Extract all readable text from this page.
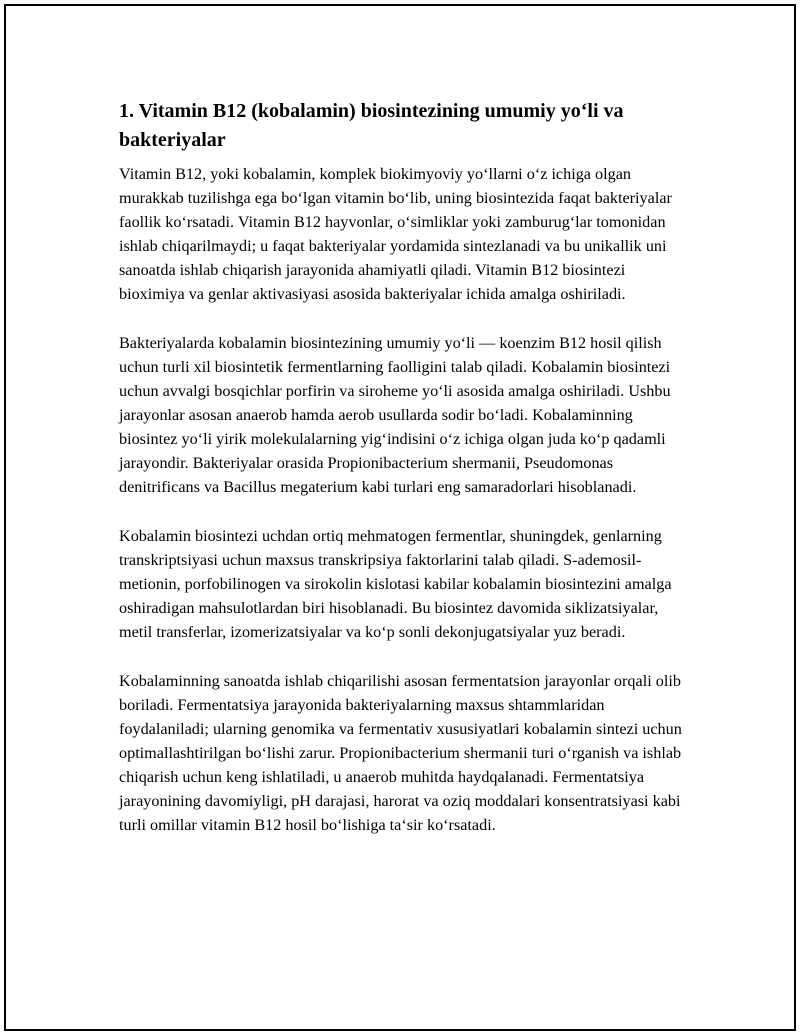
1. Vitamin B12 (kobalamin) biosintezining umumiy yo‘li va bakteriyalar

Vitamin B12, yoki kobalamin, komplek biokimyoviy yo‘llarni o‘z ichiga olgan murakkab tuzilishga ega bo‘lgan vitamin bo‘lib, uning biosintezida faqat bakteriyalar faollik ko‘rsatadi. Vitamin B12 hayvonlar, o‘simliklar yoki zamburug‘lar tomonidan ishlab chiqarilmaydi; u faqat bakteriyalar yordamida sintezlanadi va bu unikallik uni sanoatda ishlab chiqarish jarayonida ahamiyatli qiladi. Vitamin B12 biosintezi bioximiya va genlar aktivasiyasi asosida bakteriyalar ichida amalga oshiriladi.

Bakteriyalarda kobalamin biosintezining umumiy yo‘li — koenzim B12 hosil qilish uchun turli xil biosintetik fermentlarning faolligini talab qiladi. Kobalamin biosintezi uchun avvalgi bosqichlar porfirin va siroheme yo‘li asosida amalga oshiriladi. Ushbu jarayonlar asosan anaerob hamda aerob usullarda sodir bo‘ladi. Kobalaminning biosintez yo‘li yirik molekulalarning yig‘indisini o‘z ichiga olgan juda ko‘p qadamli jarayondir. Bakteriyalar orasida Propionibacterium shermanii, Pseudomonas denitrificans va Bacillus megaterium kabi turlari eng samaradorlari hisoblanadi.

Kobalamin biosintezi uchdan ortiq mehmatogen fermentlar, shuningdek, genlarning transkriptsiyasi uchun maxsus transkripsiya faktorlarini talab qiladi. S-ademosil-metionin, porfobilinogen va sirokolin kislotasi kabilar kobalamin biosintezini amalga oshiradigan mahsulotlardan biri hisoblanadi. Bu biosintez davomida siklizatsiyalar, metil transferlar, izomerizatsiyalar va ko‘p sonli dekonjugatsiyalar yuz beradi.

Kobalaminning sanoatda ishlab chiqarilishi asosan fermentatsion jarayonlar orqali olib boriladi. Fermentatsiya jarayonida bakteriyalarning maxsus shtammlaridan foydalaniladi; ularning genomika va fermentativ xususiyatlari kobalamin sintezi uchun optimallashtirilgan bo‘lishi zarur. Propionibacterium shermanii turi o‘rganish va ishlab chiqarish uchun keng ishlatiladi, u anaerob muhitda haydqalanadi. Fermentatsiya jarayonining davomiyligi, pH darajasi, harorat va oziq moddalari konsentratsiyasi kabi turli omillar vitamin B12 hosil bo‘lishiga ta‘sir ko‘rsatadi.
